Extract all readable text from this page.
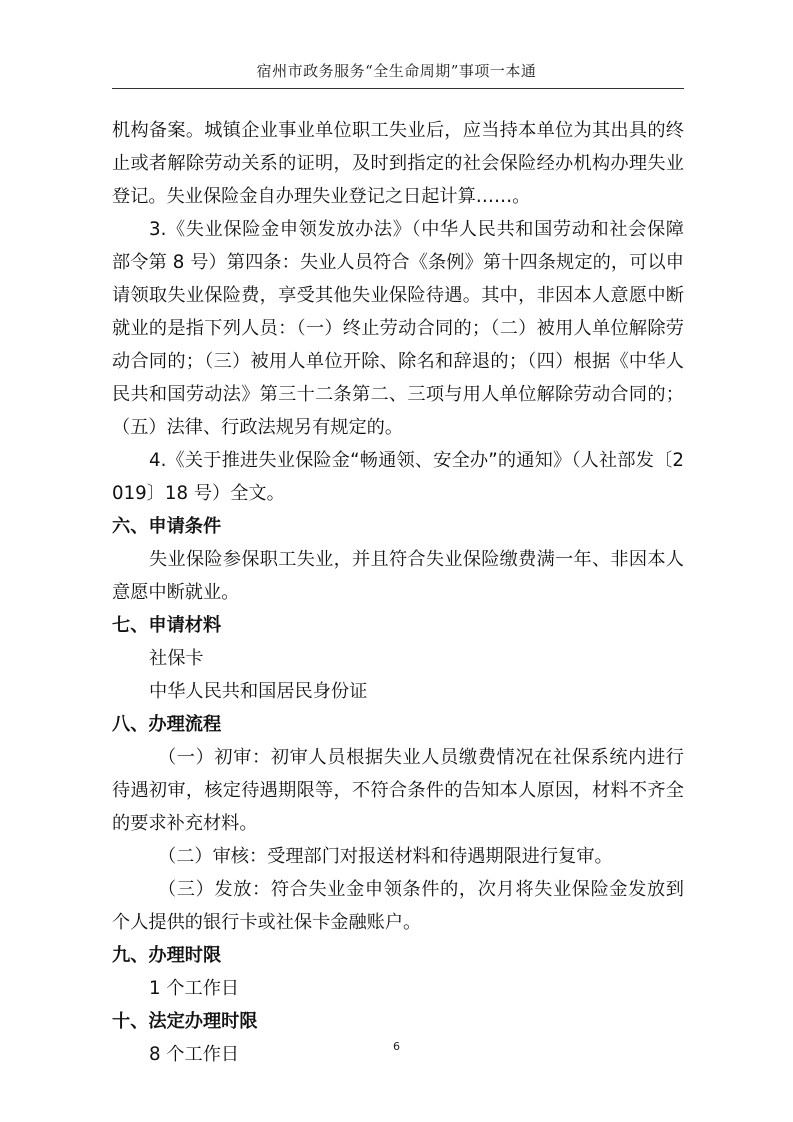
宿州市政务服务“全生命周期”事项一本通

机构备案。城镇企业事业单位职工失业后，应当持本单位为其出具的终止或者解除劳动关系的证明，及时到指定的社会保险经办机构办理失业登记。失业保险金自办理失业登记之日起计算……。

3.《失业保险金申领发放办法》（中华人民共和国劳动和社会保障部令第 8 号）第四条：失业人员符合《条例》第十四条规定的，可以申请领取失业保险费，享受其他失业保险待遇。其中，非因本人意愿中断就业的是指下列人员：（一）终止劳动合同的；（二）被用人单位解除劳动合同的；（三）被用人单位开除、除名和辞退的；（四）根据《中华人民共和国劳动法》第三十二条第二、三项与用人单位解除劳动合同的；（五）法律、行政法规另有规定的。

4.《关于推进失业保险金“畅通领、安全办”的通知》（人社部发〔2019〕18 号）全文。

六、申请条件

失业保险参保职工失业，并且符合失业保险缴费满一年、非因本人意愿中断就业。

七、申请材料

社保卡

中华人民共和国居民身份证

八、办理流程

（一）初审：初审人员根据失业人员缴费情况在社保系统内进行待遇初审，核定待遇期限等，不符合条件的告知本人原因，材料不齐全的要求补充材料。

（二）审核：受理部门对报送材料和待遇期限进行复审。

（三）发放：符合失业金申领条件的，次月将失业保险金发放到个人提供的银行卡或社保卡金融账户。

九、办理时限

1 个工作日

十、法定办理时限

8 个工作日	6
